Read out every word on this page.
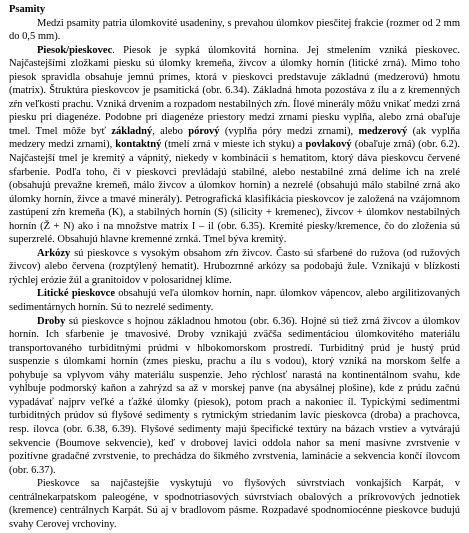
Psamity

Medzi psamity patria úlomkovité usadeniny, s prevahou úlomkov piesčitej frakcie (rozmer od 2 mm do 0,5 mm).

Piesok/pieskovec. Piesok je sypká úlomkovitá hornina. Jej stmelením vzniká pieskovec. Najčastejšími zložkami piesku sú úlomky kremeňa, živcov a úlomky hornín (litické zrná). Mimo toho piesok spravidla obsahuje jemnú prímes, ktorá v pieskovci predstavuje základnú (medzerovú) hmotu (matrix). Štruktúra pieskovcov je psamitická (obr. 6.34). Základná hmota pozostáva z ílu a z kremenných zŕn veľkosti prachu. Vzniká drvením a rozpadom nestabilných zŕn. Ílové minerály môžu vnikať medzi zrná piesku pri diagenéze. Podobne pri diagenéze priestory medzi zrnami piesku vyplňa, alebo zrná obaľuje tmel. Tmel môže byť základný, alebo pórový (vyplňa póry medzi zrnami), medzerový (ak vyplňa medzery medzi zrnami), kontaktný (tmelí zrná v mieste ich styku) a povlakový (obaľuje zrná) (obr. 6.2). Najčastejší tmel je kremitý a vápnitý, niekedy v kombinácii s hematitom, ktorý dáva pieskovcu červené sfarbenie. Podľa toho, či v pieskovci prevládajú stabilné, alebo nestabilné zrná delíme ich na zrelé (obsahujú prevažne kremeň, málo živcov a úlomkov hornín) a nezrelé (obsahujú málo stabilné zrná ako úlomky hornín, živce a tmavé minerály). Petrografická klasifikácia pieskovcov je založená na vzájomnom zastúpení zŕn kremeňa (K), a stabilných hornín (S) (silicity + kremenec), živcov + úlomkov nestabilných hornín (Ž + N) ako i na množstve matrix I – il (obr. 6.35). Kremité piesky/kremence, čo do zloženia sú superzrelé. Obsahujú hlavne kremenné zrnká. Tmel býva kremitý.

Arkózy sú pieskovce s vysokým obsahom zŕn živcov. Často sú sfarbené do ružova (od ružových živcov) alebo červena (rozptýlený hematit). Hrubozrnné arkózy sa podobajú žule. Vznikajú v blízkosti rýchlej erózie žúl a granitoidov v polosaridnej klíme.

Litické pieskovce obsahujú veľa úlomkov hornín, napr. úlomkov vápencov, alebo argilitizovaných sedimentárnych hornín. Sú to nezrelé sedimenty.

Droby sú pieskovce s hojnou základnou hmotou (obr. 6.36). Hojné sú tiež zrná živcov a úlomkov hornín. Ich sfarbenie je tmavosivé. Droby vznikajú zväčša sedimentáciou úlomkovitého materiálu transportovaného turbiditnými prúdmi v hlbokomorskom prostredí. Turbiditný prúd je hustý prúd suspenzie s úlomkami hornín (zmes piesku, prachu a ílu s vodou), ktorý vzniká na morskom šelfe a pohybuje sa vplyvom váhy materiálu suspenzie. Jeho rýchlosť narastá na kontinentálnom svahu, kde vyhĺbuje podmorský kaňon a zahrýzd sa až v morskej panve (na abysálnej plošine), kde z prúdu začnú vypadávať najprv veľké a ťažké úlomky (piesok), potom prach a nakoniec íl. Typickými sedimentmi turbiditných prúdov sú flyšové sedimenty s rytmickým striedaním lavíc pieskovca (droba) a prachovca, resp. ílovca (obr. 6.38, 6.39). Flyšové sedimenty majú špecifické textúry na bázach vrstiev a vytvárajú sekvencie (Boumove sekvencie), keď v drobovej lavici oddola nahor sa mení masívne zvrstvenie v pozitívne gradačné zvrstvenie, to prechádza do šikmého zvrstvenia, laminácie a sekvencia končí ílovcom (obr. 6.37).

Pieskovce sa najčastejšie vyskytujú vo flyšových súvrstviach vonkajších Karpát, v centrálnekarpatskom paleogéne, v spodnotriasových súvrstviach obalových a príkrovových jednotiek (kremence) centrálnych Karpát. Sú aj v bradlovom pásme. Rozpadavé spodnomiocénne pieskovce budujú svahy Cerovej vrchoviny.
